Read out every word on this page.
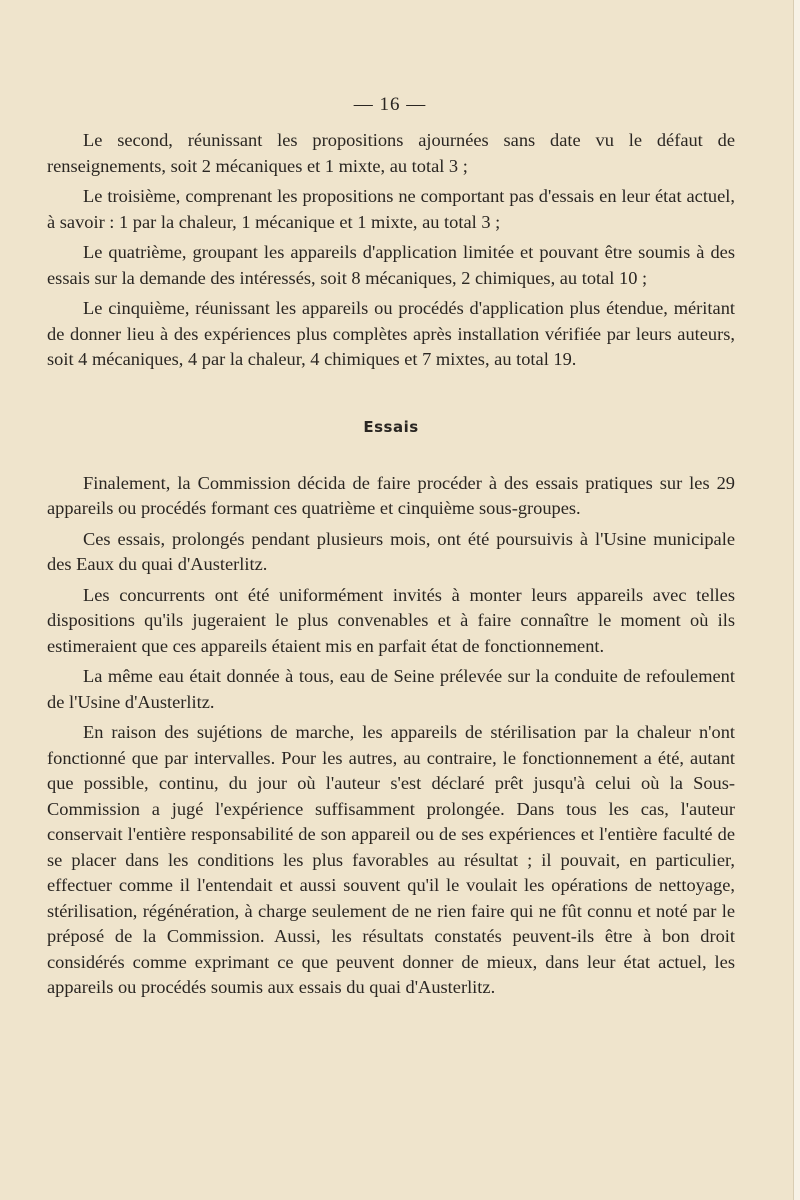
— 16 —

Le second, réunissant les propositions ajournées sans date vu le défaut de renseignements, soit 2 mécaniques et 1 mixte, au total 3 ;

Le troisième, comprenant les propositions ne comportant pas d'essais en leur état actuel, à savoir : 1 par la chaleur, 1 mécanique et 1 mixte, au total 3 ;

Le quatrième, groupant les appareils d'application limitée et pouvant être soumis à des essais sur la demande des intéressés, soit 8 mécaniques, 2 chimiques, au total 10 ;

Le cinquième, réunissant les appareils ou procédés d'application plus étendue, méritant de donner lieu à des expériences plus complètes après installation vérifiée par leurs auteurs, soit 4 mécaniques, 4 par la chaleur, 4 chimiques et 7 mixtes, au total 19.

Essais

Finalement, la Commission décida de faire procéder à des essais pratiques sur les 29 appareils ou procédés formant ces quatrième et cinquième sous-groupes.

Ces essais, prolongés pendant plusieurs mois, ont été poursuivis à l'Usine municipale des Eaux du quai d'Austerlitz.

Les concurrents ont été uniformément invités à monter leurs appareils avec telles dispositions qu'ils jugeraient le plus convenables et à faire connaître le moment où ils estimeraient que ces appareils étaient mis en parfait état de fonctionnement.

La même eau était donnée à tous, eau de Seine prélevée sur la conduite de refoulement de l'Usine d'Austerlitz.

En raison des sujétions de marche, les appareils de stérilisation par la chaleur n'ont fonctionné que par intervalles. Pour les autres, au contraire, le fonctionnement a été, autant que possible, continu, du jour où l'auteur s'est déclaré prêt jusqu'à celui où la Sous-Commission a jugé l'expérience suffisamment prolongée. Dans tous les cas, l'auteur conservait l'entière responsabilité de son appareil ou de ses expériences et l'entière faculté de se placer dans les conditions les plus favorables au résultat ; il pouvait, en particulier, effectuer comme il l'entendait et aussi souvent qu'il le voulait les opérations de nettoyage, stérilisation, régénération, à charge seulement de ne rien faire qui ne fût connu et noté par le préposé de la Commission. Aussi, les résultats constatés peuvent-ils être à bon droit considérés comme exprimant ce que peuvent donner de mieux, dans leur état actuel, les appareils ou procédés soumis aux essais du quai d'Austerlitz.
